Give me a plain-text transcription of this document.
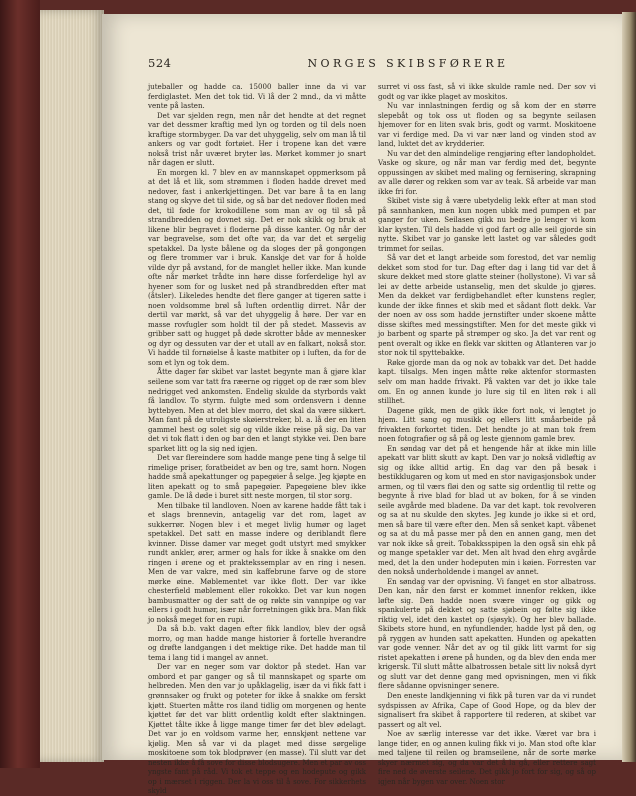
524	NORGES SKIBSFØRERE

juteballer og hadde ca. 15000 baller inne da vi var ferdiglastet. Men det tok tid. Vi lå der 2 mnd., da vi måtte vente på lasten.

Det var sjelden regn, men når det hendte at det regnet var det dessmer kraftig med lyn og torden og til dels noen kraftige stormbyger. Da var det uhyggelig, selv om man lå til ankers og var godt fortøiet. Her i tropene kan det være nokså trist når uværet bryter løs. Mørket kommer jo snart når dagen er slutt.

En morgen kl. 7 blev en av mannskapet oppmerksom på at det lå et lik, som strømmen i floden hadde drevet med nedover, fast i ankerkjettingen. Det var bare å ta en lang stang og skyve det til side, og så bar det nedover floden med det, til føde for krokodillene som man av og til så på strandbredden og dovnet sig. Det er nok skikk og bruk at likene blir begravet i floderne på disse kanter. Og når der var begravelse, som det ofte var, da var det et sørgelig spetakkel. Da lyste bålene og da sloges der på gongongen og flere trommer var i bruk. Kanskje det var for å holde vilde dyr på avstand, for de manglet heller ikke. Man kunde ofte når mørket trådte inn høre disse forferdelige hyl av hyener som for og lusket ned på strandbredden efter mat (åtsler). Likeledes hendte det flere ganger at tigeren satte i noen voldsomme brøl så luften ordentlig dirret. Når der dertil var mørkt, så var det uhyggelig å høre. Der var en masse rovfugler som holdt til der på stedet. Massevis av gribber satt og hugget på døde skrotter både av mennesker og dyr og dessuten var der et utall av en falkart, nokså stor. Vi hadde til fornøielse å kaste matbiter op i luften, da for de som et lyn og tok dem.

Åtte dager før skibet var lastet begynte man å gjøre klar seilene som var tatt fra ræerne og rigget op de rær som blev nedrigget ved ankomsten. Endelig skulde da styrbords vakt få landlov. To styrm. fulgte med som ordensvern i denne byttebyen. Men at det blev morro, det skal da være sikkert. Man fant på de utroligste skøierstreker, bl. a. lå der en liten gammel hest og solet sig og vilde ikke reise på sig. Da var det vi tok flatt i den og bar den et langt stykke vei. Den bare sparket litt og la sig ned igjen.

Det var flereindere som hadde mange pene ting å selge til rimelige priser, foratbeidet av ben og tre, samt horn. Nogen hadde små apekattunger og papegøier å selge. Jeg kjøpte en liten apekatt og to små papegøier. Papegøiene blev ikke gamle. De lå døde i buret sitt neste morgen, til stor sorg.

Men tilbake til landloven. Noen av karene hadde fått tak i et slags brennevin, antagelig var det rom, laget av sukkerrør. Nogen blev i et meget livlig humør og laget spetakkel. Det satt en masse indere og deriblandt flere kvinner. Disse damer var meget godt utstyrt med smykker rundt ankler, ører, armer og hals for ikke å snakke om den ringen i ørene og et praktekssemplar av en ring i nesen. Men de var vakre, med sin kaffebrune farve og de store mørke øine. Møblementet var ikke flott. Der var ikke chesterfield møblement eller rokokko. Det var kun nogen bambusmatter og der satt de og røkte sin vannpipe og var ellers i godt humør, især når forretningen gikk bra. Man fikk jo nokså meget for en rupi.

Da så b.b. vakt dagen efter fikk landlov, blev der også morro, og man hadde mange historier å fortelle hverandre og drøfte landgangen i det mektige rike. Det hadde man til tema i lang tid i mangel av annet.

Der var en neger som var doktor på stedet. Han var ombord et par ganger og så til mannskapet og sparte om helbreden. Men den var jo upåklagelig, især da vi fikk fatt i grønnsaker og frukt og poteter for ikke å snakke om ferskt kjøtt. Stuerten måtte ros iland tidlig om morgenen og hente kjøttet før det var blitt ordentlig koldt efter slaktningen. Kjøttet tålte ikke å ligge mange timer før det blev ødelagt. Det var jo en voldsom varme her, ennskjønt nettene var kjølig. Men så var vi da plaget med disse sørgelige moskitoene som tok blodprøver (en masse). Til slutt var det nesten ikke å få sove for disse blodsugere. Men et par av oss yngste fant på råd. Vi tok et teppe og en hodepute og gikk op i mærset i riggen. Der la vi oss til å sove. For sikkerhets skyld

surret vi oss fast, så vi ikke skulde ramle ned. Der sov vi godt og var ikke plaget av moskitos.

Nu var innlastningen ferdig og så kom der en større slepebåt og tok oss ut floden og sa begynte seilasen hjemover for en liten svak bris, godt og varmt. Moskitoene var vi ferdige med. Da vi var nær land og vinden stod av land, luktet det av krydderier.

Nu var det den almindelige rengjøring efter landopholdet. Vaske og skure, og når man var ferdig med det, begynte oppussingen av skibet med maling og fernisering, skrapning av alle dører og rekken som var av teak. Så arbeide var man ikke fri for.

Skibet viste sig å være ubetydelig lekk efter at man stod på sannhanken, men kun nogen ubkk med pumpen et par ganger for uken. Seilasen gikk nu bedre jo lenger vi kom klar kysten. Til dels hadde vi god fart og alle seil gjorde sin nytte. Skibet var jo ganske lett lastet og var således godt trimmet for seilas.

Så var det et langt arbeide som forestod, det var nemlig dekket som stod for tur. Dag efter dag i lang tid var det å skure dekket med store glatte steiner (hollystone). Vi var så lei av dette arbeide ustanselig, men det skulde jo gjøres. Men da dekket var ferdigbehandlet efter kunstens regler, kunde der ikke finnes et skib med et sådant flott dekk. Var der noen av oss som hadde jernstifter under skoene måtte disse skiftes med messingstifter. Men for det meste gikk vi jo barbent og sparte på strømper og sko. Ja det var rent og pent overalt og ikke en flekk var skitten og Atlanteren var jo stor nok til spyttebakke.

Røke gjorde man da og nok av tobakk var det. Det hadde kapt. tilsalgs. Men ingen måtte røke aktenfor stormasten selv om man hadde frivakt. På vakten var det jo ikke tale om. En og annen kunde jo lure sig til en liten røk i all stillhet.

Dagene gikk, men de gikk ikke fort nok, vi lengtet jo hjem. Litt sang og musikk og ellers litt småarbeide på frivakten forkortet tiden. Det hendte jo at man tok frem noen fotografier og så på og leste gjennom gamle brev.

En søndag var det på et hengende hår at ikke min lille apekatt var blitt skutt av kapt. Den var jo nokså vidløftig av sig og ikke alltid artig. En dag var den på besøk i bestikklugaren og kom ut med en stor navigasjonsbok under armen, og til værs fløi den og satte sig ordentlig til rette og begynte å rive blad for blad ut av boken, for å se vinden seile avgårde med bladene. Da var det kapt. tok revolveren og sa at nu skulde den skytes. Jeg kunde jo ikke si et ord, men så bare til være efter den. Men så senket kapt. våbenet og sa at du må passe mer på den en annen gang, men det var nok ikke så greit. Tobakksspipen la den også sin ehk på og mange spetakler var det. Men alt hvad den ehrg avgårde med, det la den under hodeputen min i køien. Forresten var den nokså underholdende i mangel av annet.

En søndag var der opvisning. Vi fanget en stor albatross. Den kan, når den først er kommet innenfor rekken, ikke løfte sig. Den hadde noen svære vinger og gikk og spankulerte på dekket og satte sjøbein og følte sig ikke riktig vel, idet den kastet op (sjøsyk). Og her blev ballade. Skibets store hund, en nyfundlender, hadde lyst på den, og på ryggen av hunden satt apekatten. Hunden og apekatten var gode venner. Når det av og til gikk litt varmt for sig ristet apekatten i ørene på hunden, og da blev den enda mer krigersk. Til slutt måtte albatrossen betale sitt liv nokså dyrt og slutt var det denne gang med opvisningen, men vi fikk flere sådanne opvisninger senere.

Den eneste landkjenning vi fikk på turen var da vi rundet sydspissen av Afrika, Cape of Good Hope, og da blev der signalisert fra skibet å rapportere til rederen, at skibet var passert og alt vel.

Noe av særlig interesse var det ikke. Været var bra i lange tider, en og annen kuling fikk vi jo. Man stod ofte klar med taljene til reilen og bramseilene, når de sorte mørke skyer nærmet sig, og da var det å la gå, eller rettere sagt fire ned de øverste seilene. Det gikk jo fort for sig, og så op igjen når bygen var over. Noen stor
